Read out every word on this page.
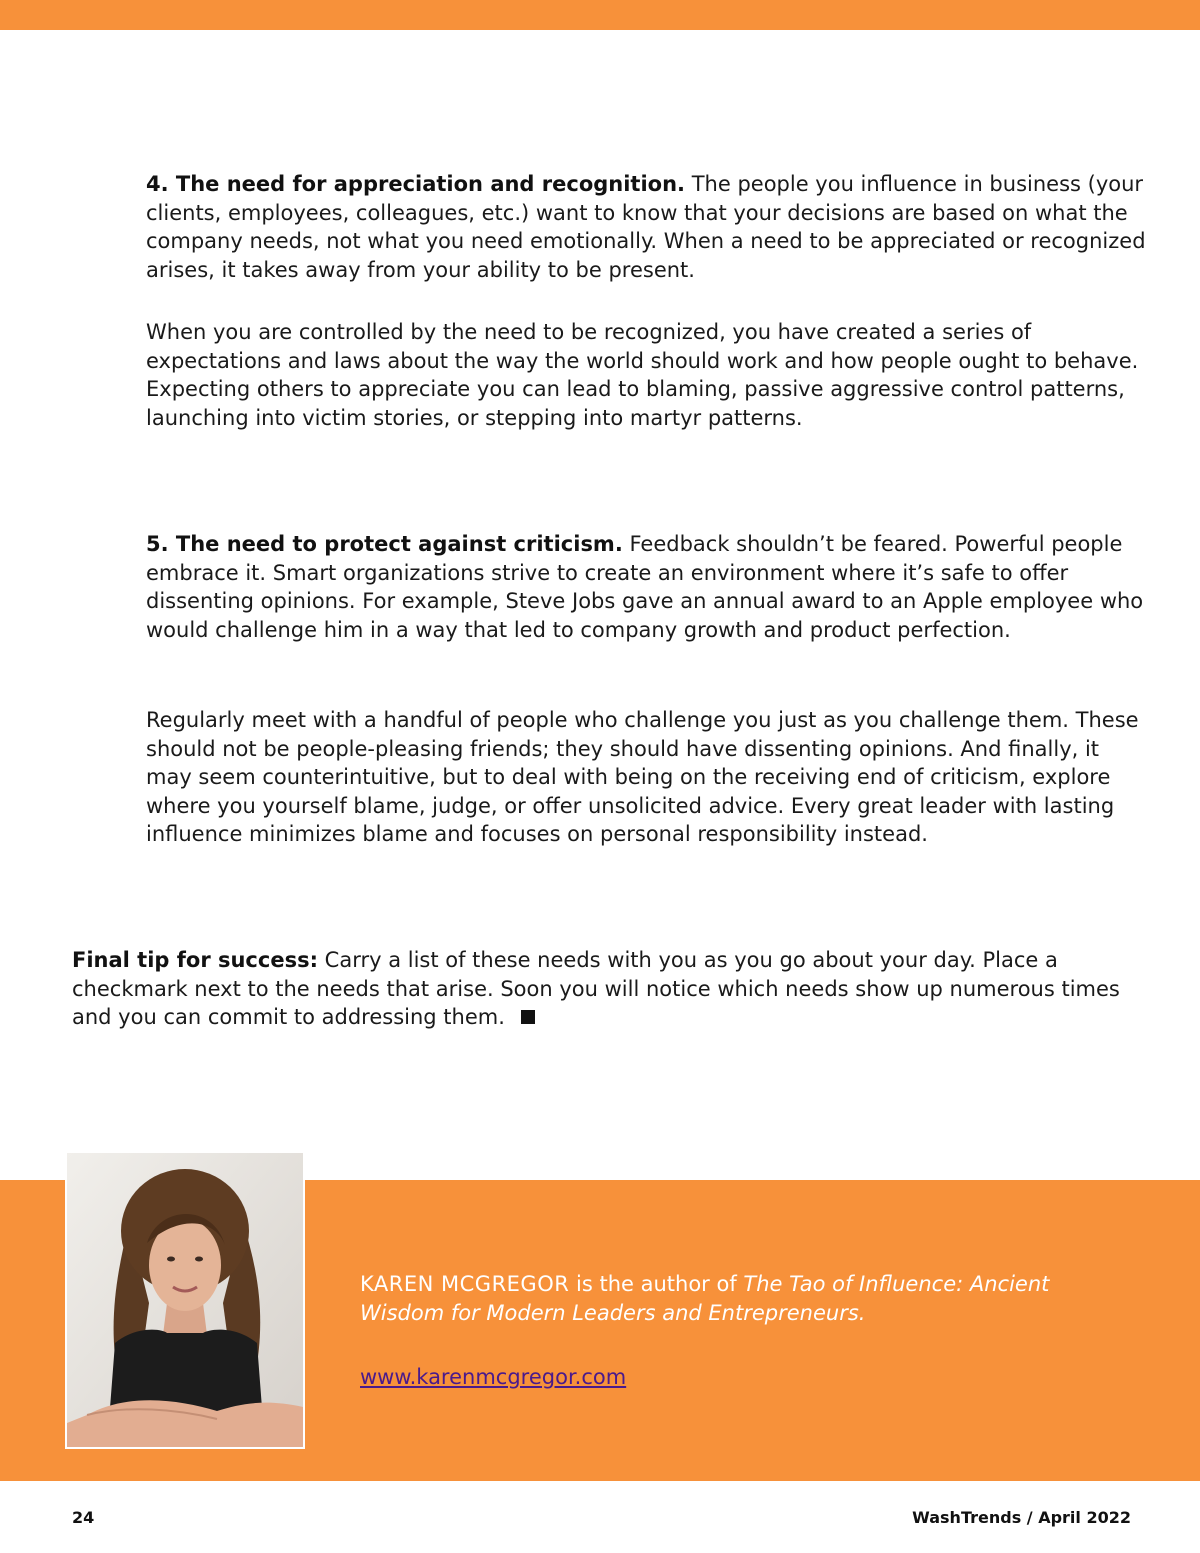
4. The need for appreciation and recognition. The people you influence in business (your clients, employees, colleagues, etc.) want to know that your decisions are based on what the company needs, not what you need emotionally. When a need to be appreciated or recognized arises, it takes away from your ability to be present.

When you are controlled by the need to be recognized, you have created a series of expectations and laws about the way the world should work and how people ought to behave. Expecting others to appreciate you can lead to blaming, passive aggressive control patterns, launching into victim stories, or stepping into martyr patterns.

5. The need to protect against criticism. Feedback shouldn’t be feared. Powerful people embrace it. Smart organizations strive to create an environment where it’s safe to offer dissenting opinions. For example, Steve Jobs gave an annual award to an Apple employee who would challenge him in a way that led to company growth and product perfection.

Regularly meet with a handful of people who challenge you just as you challenge them. These should not be people-pleasing friends; they should have dissenting opinions. And finally, it may seem counterintuitive, but to deal with being on the receiving end of criticism, explore where you yourself blame, judge, or offer unsolicited advice. Every great leader with lasting influence minimizes blame and focuses on personal responsibility instead.

Final tip for success: Carry a list of these needs with you as you go about your day. Place a checkmark next to the needs that arise. Soon you will notice which needs show up numerous times and you can commit to addressing them.

KAREN MCGREGOR is the author of The Tao of Influence: Ancient Wisdom for Modern Leaders and Entrepreneurs.

www.karenmcgregor.com
24	WashTrends / April 2022
